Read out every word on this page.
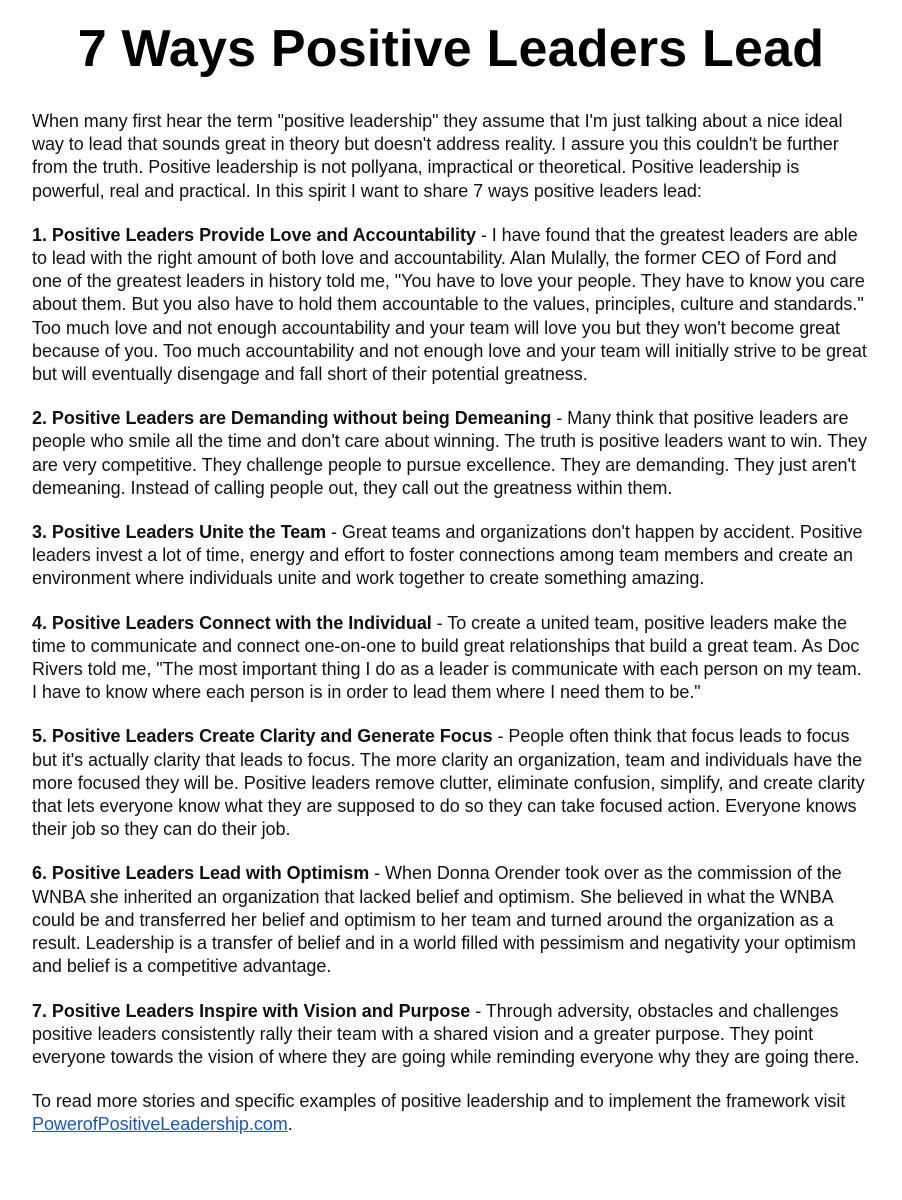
7 Ways Positive Leaders Lead

When many first hear the term "positive leadership" they assume that I'm just talking about a nice ideal way to lead that sounds great in theory but doesn't address reality. I assure you this couldn't be further from the truth. Positive leadership is not pollyana, impractical or theoretical. Positive leadership is powerful, real and practical. In this spirit I want to share 7 ways positive leaders lead:

1. Positive Leaders Provide Love and Accountability - I have found that the greatest leaders are able to lead with the right amount of both love and accountability. Alan Mulally, the former CEO of Ford and one of the greatest leaders in history told me, "You have to love your people. They have to know you care about them. But you also have to hold them accountable to the values, principles, culture and standards." Too much love and not enough accountability and your team will love you but they won't become great because of you. Too much accountability and not enough love and your team will initially strive to be great but will eventually disengage and fall short of their potential greatness.

2. Positive Leaders are Demanding without being Demeaning - Many think that positive leaders are people who smile all the time and don't care about winning. The truth is positive leaders want to win. They are very competitive. They challenge people to pursue excellence. They are demanding. They just aren't demeaning. Instead of calling people out, they call out the greatness within them.

3. Positive Leaders Unite the Team - Great teams and organizations don't happen by accident. Positive leaders invest a lot of time, energy and effort to foster connections among team members and create an environment where individuals unite and work together to create something amazing.

4. Positive Leaders Connect with the Individual - To create a united team, positive leaders make the time to communicate and connect one-on-one to build great relationships that build a great team. As Doc Rivers told me, "The most important thing I do as a leader is communicate with each person on my team. I have to know where each person is in order to lead them where I need them to be."

5. Positive Leaders Create Clarity and Generate Focus - People often think that focus leads to focus but it's actually clarity that leads to focus. The more clarity an organization, team and individuals have the more focused they will be. Positive leaders remove clutter, eliminate confusion, simplify, and create clarity that lets everyone know what they are supposed to do so they can take focused action. Everyone knows their job so they can do their job.

6. Positive Leaders Lead with Optimism - When Donna Orender took over as the commission of the WNBA she inherited an organization that lacked belief and optimism. She believed in what the WNBA could be and transferred her belief and optimism to her team and turned around the organization as a result. Leadership is a transfer of belief and in a world filled with pessimism and negativity your optimism and belief is a competitive advantage.

7. Positive Leaders Inspire with Vision and Purpose - Through adversity, obstacles and challenges positive leaders consistently rally their team with a shared vision and a greater purpose. They point everyone towards the vision of where they are going while reminding everyone why they are going there.

To read more stories and specific examples of positive leadership and to implement the framework visit PowerofPositiveLeadership.com.
